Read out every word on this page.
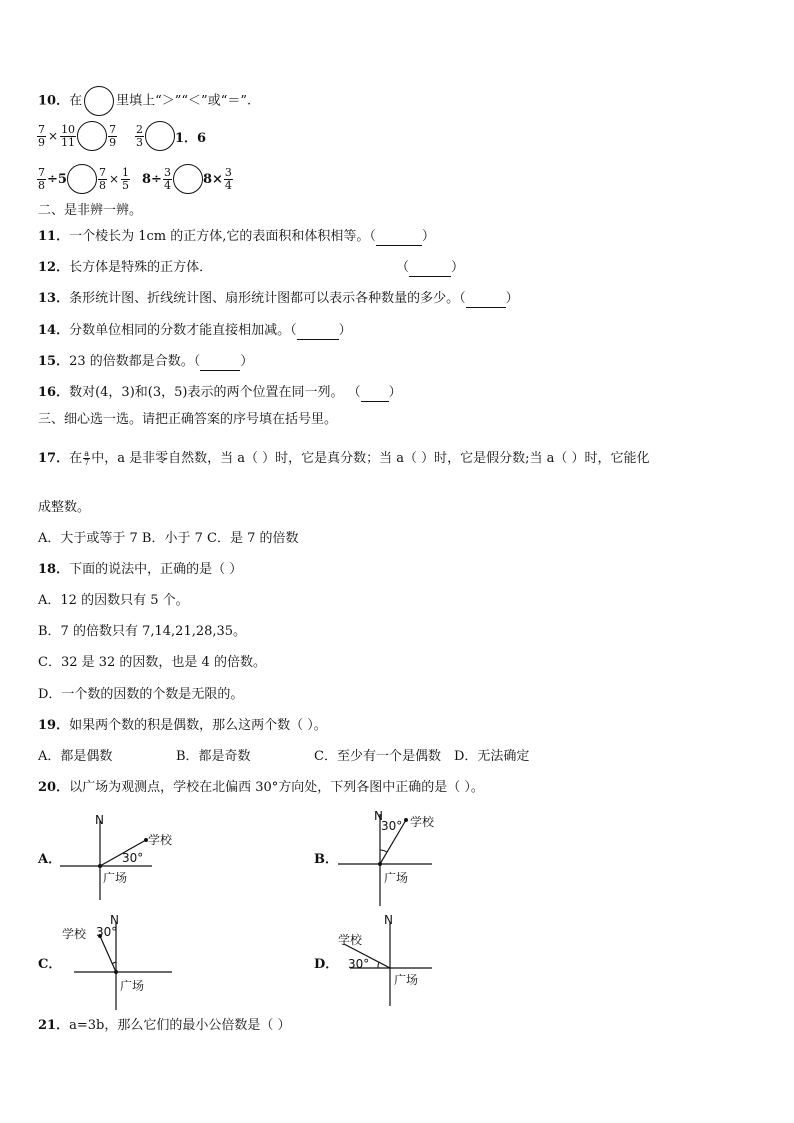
10．在	里填上“＞”“＜”或“＝”.
$\frac{7}{9} \times \frac{10}{11}$	$\frac{7}{9} \frac{2}{3} 1$．6
$\frac{7}{8} \div 5$	$\frac{7}{8} \times \frac{1}{5} 8\div \frac{3}{4} 8\times \frac{3}{4}$
二、是非辨一辨。
11．一个棱长为 1cm 的正方体,它的表面积和体积相等。（	）
12．长方体是特殊的正方体．	（	）
13．条形统计图、折线统计图、扇形统计图都可以表示各种数量的多少。（	）
14．分数单位相同的分数才能直接相加减。（	）
15．23 的倍数都是合数。（	）
16．数对(4，3)和(3，5)表示的两个位置在同一列。 （ ）
三、细心选一选。请把正确答案的序号填在括号里。
17．在 $\frac{a}{7}$ 中，a 是非零自然数，当 a（ ）时，它是真分数；当 a（ ）时，它是假分数;当 a（ ）时，它能化
成整数。
A．大于或等于 7 B．小于 7 C．是 7 的倍数
18．下面的说法中，正确的是（ ）
A．12 的因数只有 5 个。
B．7 的倍数只有 7,14,21,28,35。
C．32 是 32 的因数，也是 4 的倍数。
D．一个数的因数的个数是无限的。
19．如果两个数的积是偶数，那么这两个数（ ）。
A．都是偶数	B．都是奇数	C．至少有一个是偶数 D．无法确定
20．以广场为观测点，学校在北偏西 30°方向处，下列各图中正确的是（ ）。
A．
N
学校
30°
广场
B．
N
30° 学校
广场
C．
N
30°
学校
广场
D．
N
学校
30°
广场
21．a=3b，那么它们的最小公倍数是（ ）
